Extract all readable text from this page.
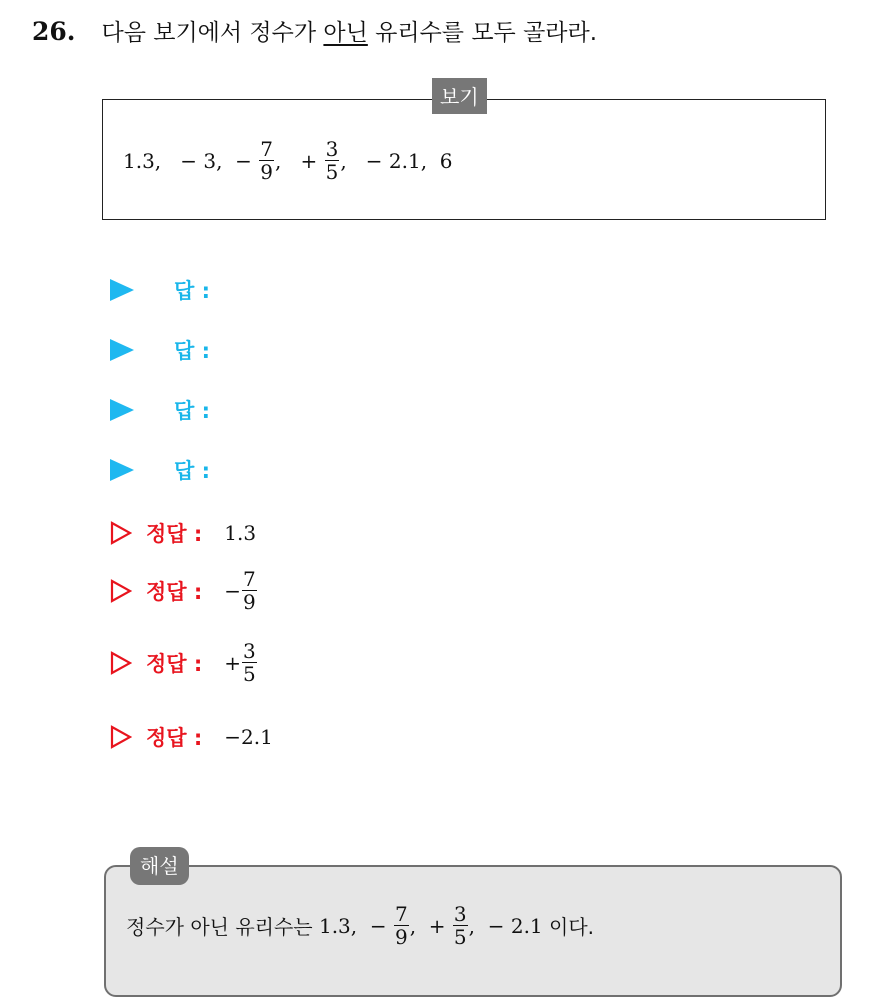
26. 다음 보기에서 정수가 아닌 유리수를 모두 골라라.
보기
1.3,
− 3,
−
$\frac{7}{9}$ ,
+
$\frac{3}{5}$ ,
− 2.1,
6
답 :
답 :
답 :
답 :
정답 : 1.3
정답 : − $\frac{7}{9}$
정답 : + $\frac{3}{5}$
정답 : −2.1
해설
정수가 아닌 유리수는
1.3,
−
$\frac{7}{9}$ ,
+
$\frac{3}{5}$ ,
− 2.1
이다.
